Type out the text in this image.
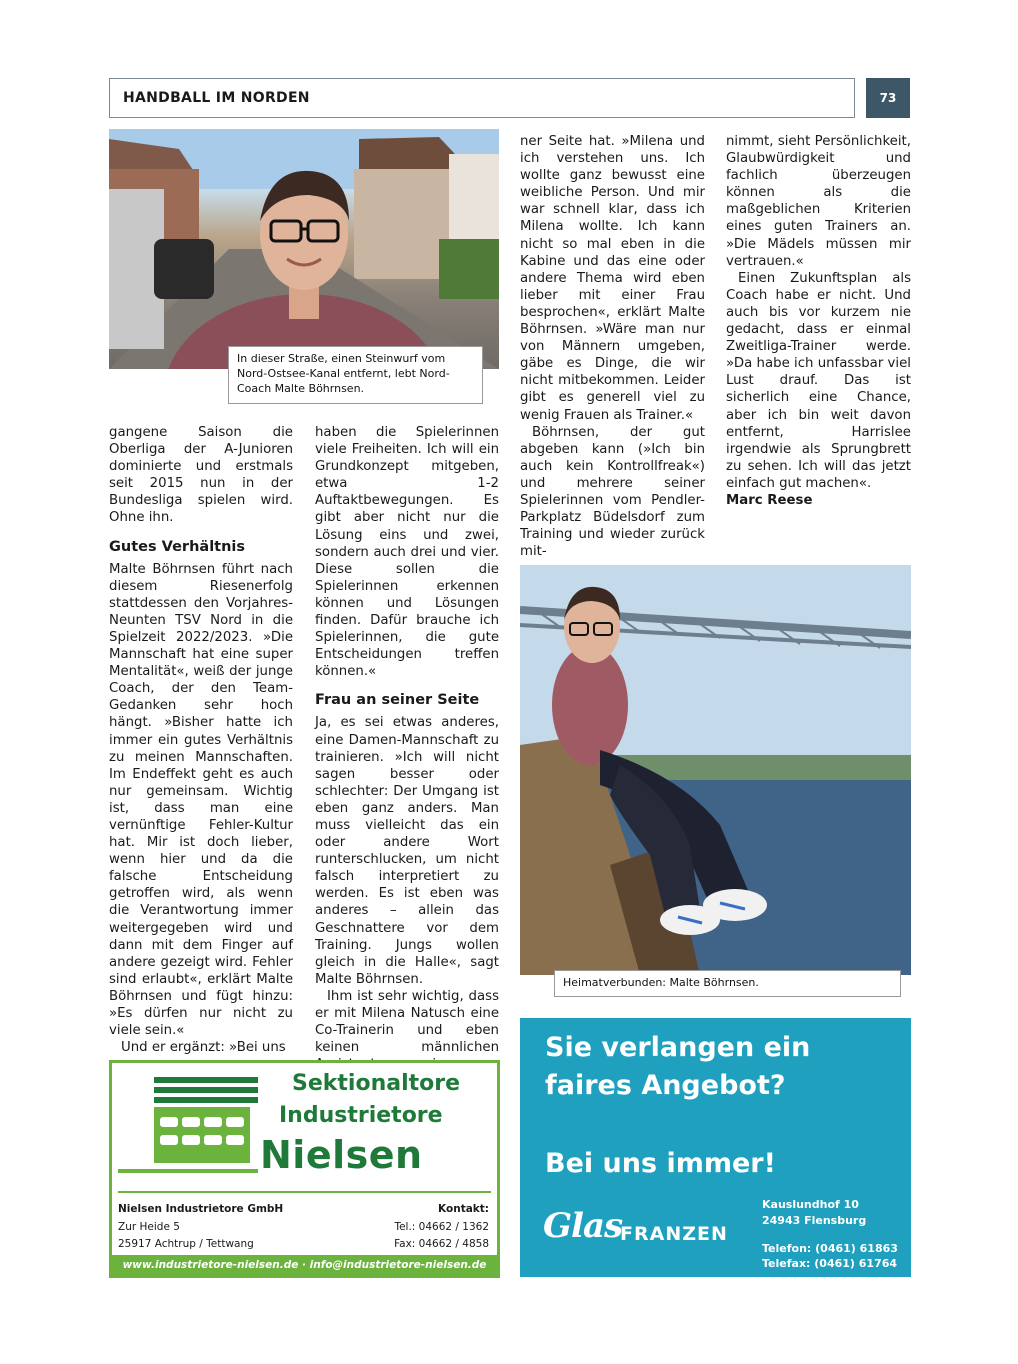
HANDBALL IM NORDEN	73
In dieser Straße, einen Steinwurf vom Nord-Ostsee-Kanal entfernt, lebt Nord-Coach Malte Böhrnsen.

gangene Saison die Oberliga der A-Junioren dominierte und erstmals seit 2015 nun in der Bundesliga spielen wird. Ohne ihn.

Gutes Verhältnis

Malte Böhrnsen führt nach diesem Riesenerfolg stattdessen den Vorjahres-Neunten TSV Nord in die Spielzeit 2022/2023. »Die Mannschaft hat eine super Mentalität«, weiß der junge Coach, der den Team-Gedanken sehr hoch hängt. »Bisher hatte ich immer ein gutes Verhältnis zu meinen Mannschaften. Im Endeffekt geht es auch nur gemeinsam. Wichtig ist, dass man eine vernünftige Fehler-Kultur hat. Mir ist doch lieber, wenn hier und da die falsche Entscheidung getroffen wird, als wenn die Verantwortung immer weitergegeben wird und dann mit dem Finger auf andere gezeigt wird. Fehler sind erlaubt«, erklärt Malte Böhrnsen und fügt hinzu: »Es dürfen nur nicht zu viele sein.«

Und er ergänzt: »Bei uns

haben die Spielerinnen viele Freiheiten. Ich will ein Grundkonzept mitgeben, etwa 1-2 Auftaktbewegungen. Es gibt aber nicht nur die Lösung eins und zwei, sondern auch drei und vier. Diese sollen die Spielerinnen erkennen können und Lösungen finden. Dafür brauche ich Spielerinnen, die gute Entscheidungen treffen können.«

Frau an seiner Seite

Ja, es sei etwas anderes, eine Damen-Mannschaft zu trainieren. »Ich will nicht sagen besser oder schlechter: Der Umgang ist eben ganz anders. Man muss vielleicht das ein oder andere Wort runterschlucken, um nicht falsch interpretiert zu werden. Es ist eben was anderes – allein das Geschnattere vor dem Training. Jungs wollen gleich in die Halle«, sagt Malte Böhrnsen.

Ihm ist sehr wichtig, dass er mit Milena Natusch eine Co-Trainerin und eben keinen männlichen

ner Seite hat. »Milena und ich verstehen uns. Ich wollte ganz bewusst eine weibliche Person. Und mir war schnell klar, dass ich Milena wollte. Ich kann nicht so mal eben in die Kabine und das eine oder andere Thema wird eben lieber mit einer Frau besprochen«, erklärt Malte Böhrnsen. »Wäre man nur von Männern umgeben, gäbe es Dinge, die wir nicht mitbekommen. Leider gibt es generell viel zu wenig Frauen als Trainer.«

Böhrnsen, der gut abgeben kann (»Ich bin auch kein Kontrollfreak«) und mehrere seiner Spielerinnen vom Pendler-Parkplatz Büdelsdorf zum Training und wieder zurück mit-

nimmt, sieht Persönlichkeit, Glaubwürdigkeit und fachlich überzeugen können als die maßgeblichen Kriterien eines guten Trainers an. »Die Mädels müssen mir vertrauen.«

Einen Zukunftsplan als Coach habe er nicht. Und auch bis vor kurzem nie gedacht, dass er einmal Zweitliga-Trainer werde. »Da habe ich unfassbar viel Lust drauf. Das ist sicherlich eine Chance, aber ich bin weit davon entfernt, Harrislee irgendwie als Sprungbrett zu sehen. Ich will das jetzt einfach gut machen«.

Marc Reese

Heimatverbunden: Malte Böhrnsen.
Sektionaltore
Industrietore
Nielsen
Nielsen Industrietore GmbH
Zur Heide 5
25917 Achtrup / Tettwang
Kontakt:
Tel.: 04662 / 1362
Fax: 04662 / 4858
www.industrietore-nielsen.de · info@industrietore-nielsen.de
Sie verlangen ein
faires Angebot?
Bei uns immer!
Glas
FRANZEN
Kauslundhof 10
24943 Flensburg
Telefon: (0461) 61863
Telefax: (0461) 61764
